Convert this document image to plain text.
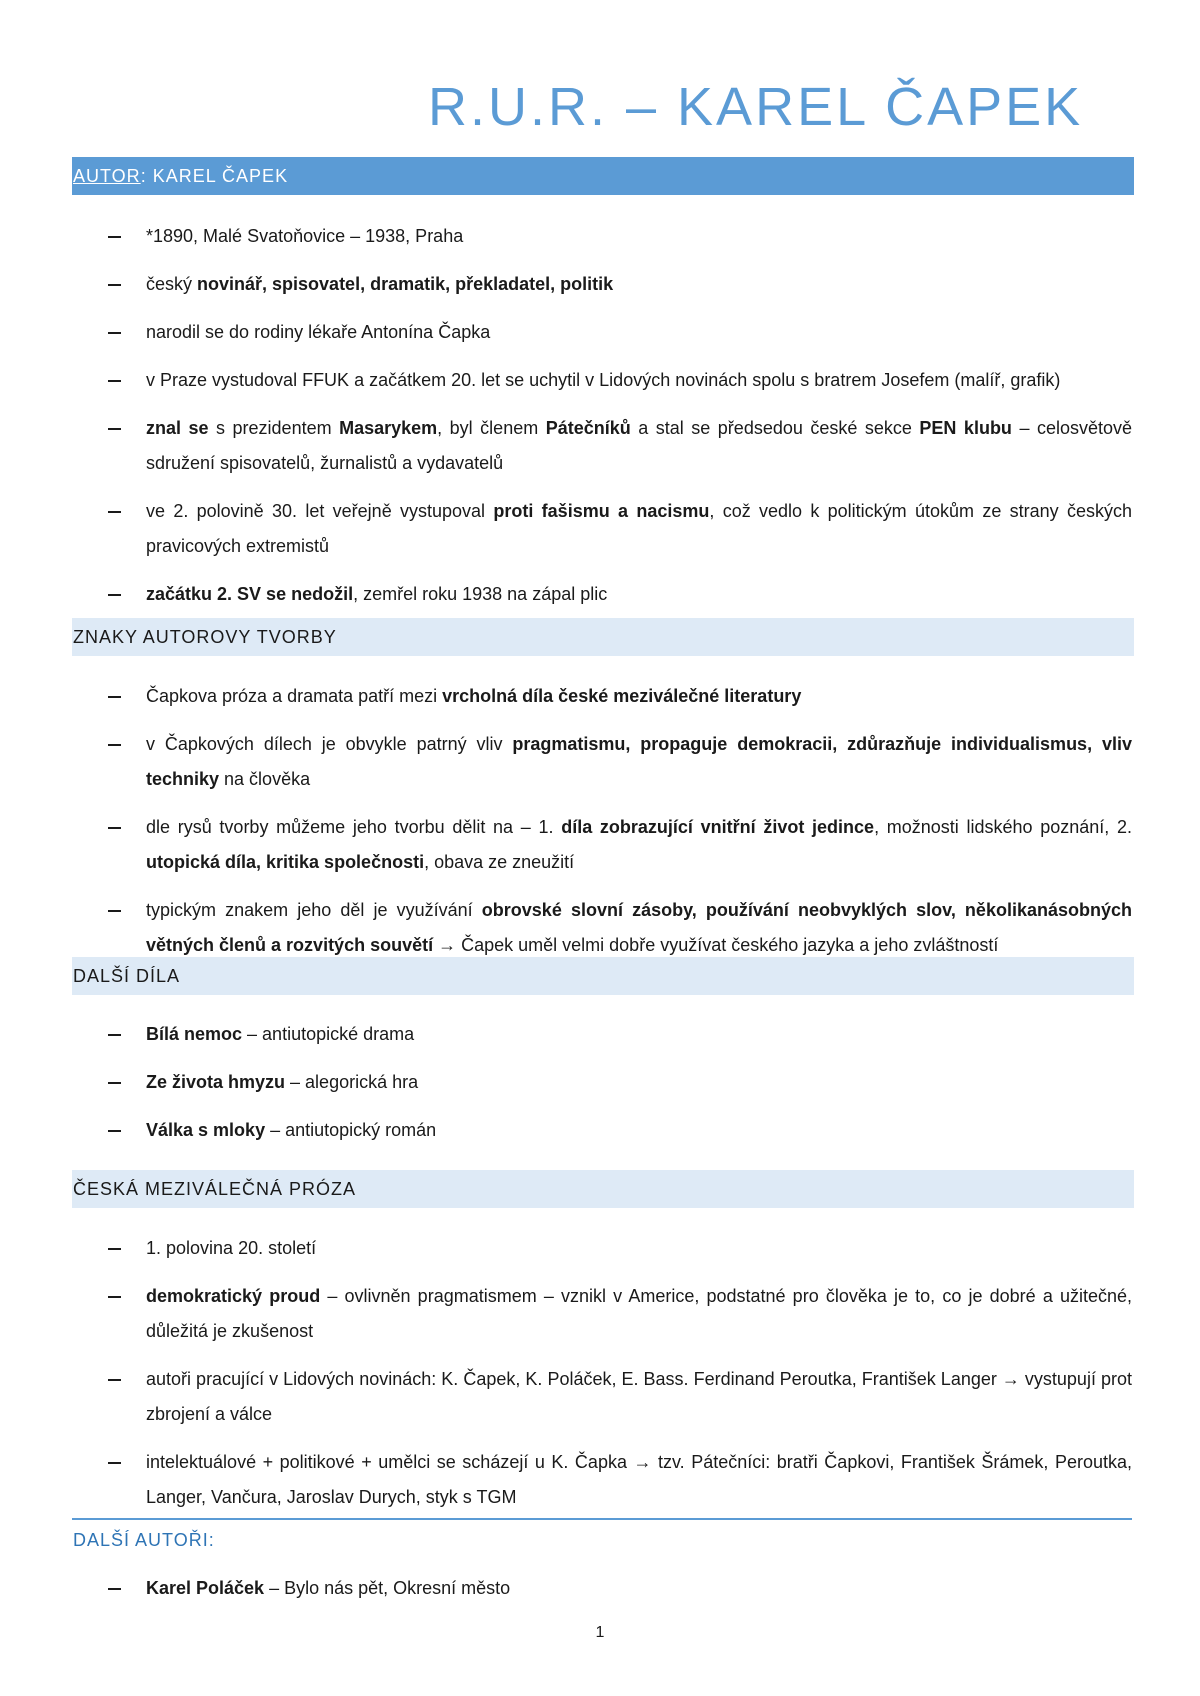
R.U.R. – KAREL ČAPEK
AUTOR: KAREL ČAPEK
*1890, Malé Svatoňovice – 1938, Praha
český novinář, spisovatel, dramatik, překladatel, politik
narodil se do rodiny lékaře Antonína Čapka
v Praze vystudoval FFUK a začátkem 20. let se uchytil v Lidových novinách spolu s bratrem Josefem (malíř, grafik)
znal se s prezidentem Masarykem, byl členem Pátečníků a stal se předsedou české sekce PEN klubu – celosvětově sdružení spisovatelů, žurnalistů a vydavatelů
ve 2. polovině 30. let veřejně vystupoval proti fašismu a nacismu, což vedlo k politickým útokům ze strany českých pravicových extremistů
začátku 2. SV se nedožil, zemřel roku 1938 na zápal plic
ZNAKY AUTOROVY TVORBY
Čapkova próza a dramata patří mezi vrcholná díla české meziválečné literatury
v Čapkových dílech je obvykle patrný vliv pragmatismu, propaguje demokracii, zdůrazňuje individualismus, vliv techniky na člověka
dle rysů tvorby můžeme jeho tvorbu dělit na – 1. díla zobrazující vnitřní život jedince, možnosti lidského poznání, 2. utopická díla, kritika společnosti, obava ze zneužití
typickým znakem jeho děl je využívání obrovské slovní zásoby, používání neobvyklých slov, několikanásobných větných členů a rozvitých souvětí → Čapek uměl velmi dobře využívat českého jazyka a jeho zvláštností
DALŠÍ DÍLA
Bílá nemoc – antiutopické drama
Ze života hmyzu – alegorická hra
Válka s mloky – antiutopický román
ČESKÁ MEZIVÁLEČNÁ PRÓZA
1. polovina 20. století
demokratický proud – ovlivněn pragmatismem – vznikl v Americe, podstatné pro člověka je to, co je dobré a užitečné, důležitá je zkušenost
autoři pracující v Lidových novinách: K. Čapek, K. Poláček, E. Bass. Ferdinand Peroutka, František Langer → vystupují prot zbrojení a válce
intelektuálové + politikové + umělci se scházejí u K. Čapka → tzv. Pátečníci: bratři Čapkovi, František Šrámek, Peroutka, Langer, Vančura, Jaroslav Durych, styk s TGM
DALŠÍ AUTOŘI:
Karel Poláček – Bylo nás pět, Okresní město
1
